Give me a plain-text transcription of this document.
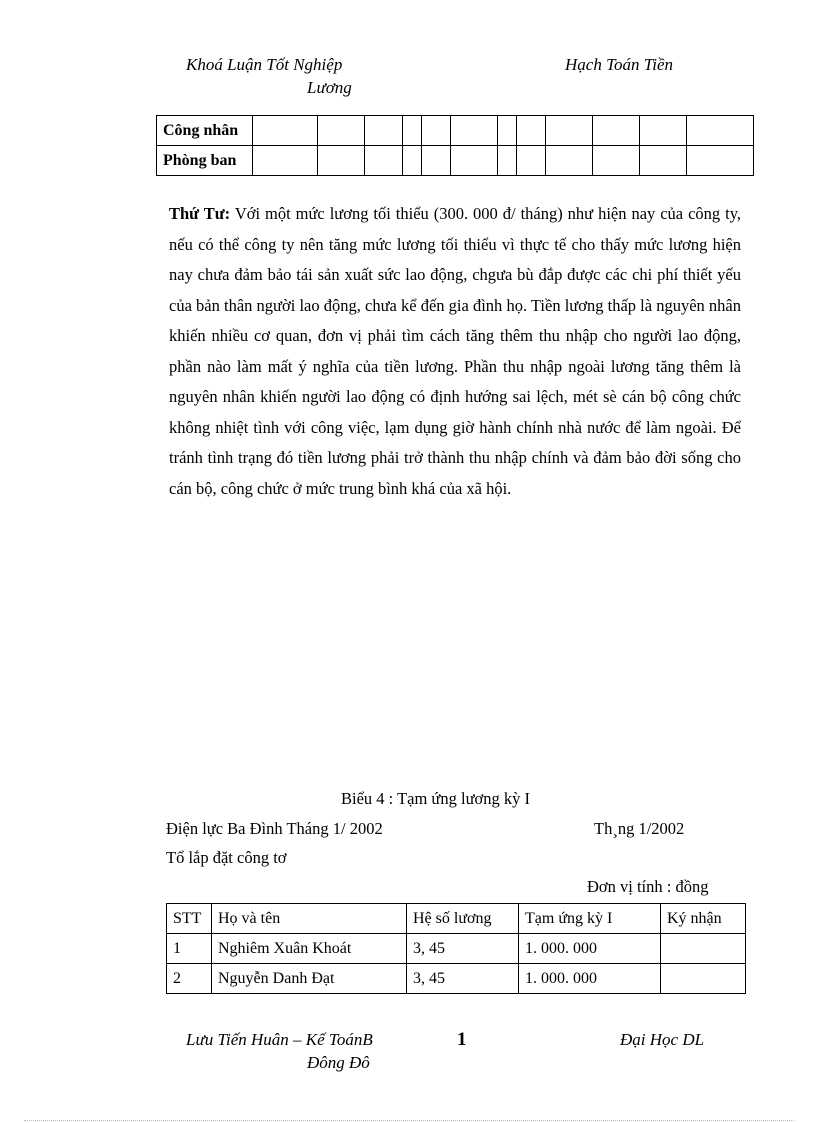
Khoá Luận Tốt Nghiệp
Lương
Hạch Toán Tiền
Công nhân												
Phòng ban												
Thứ Tư: Với một mức lương tối thiểu (300. 000 đ/ tháng) như hiện nay của công ty, nếu có thể công ty nên tăng mức lương tối thiểu vì thực tế cho thấy mức lương hiện nay chưa đảm bảo tái sản xuất sức lao động, chgưa bù đắp được các chi phí thiết yếu của bản thân người lao động, chưa kể đến gia đình họ. Tiền lương thấp là nguyên nhân khiến nhiều cơ quan, đơn vị phải tìm cách tăng thêm thu nhập cho người lao động, phần nào làm mất ý nghĩa của tiền lương. Phần thu nhập ngoài lương tăng thêm là nguyên nhân khiến người lao động có định hướng sai lệch, mét sè cán bộ công chức không nhiệt tình với công việc, lạm dụng giờ hành chính nhà nước để làm ngoài. Để tránh tình trạng đó tiền lương phải trở thành thu nhập chính và đảm bảo đời sống cho cán bộ, công chức ở mức trung bình khá của xã hội.
Biểu 4 : Tạm ứng lương kỳ I
Điện lực Ba Đình Tháng 1/ 2002	Th¸ng 1/2002
Tổ lắp đặt công tơ
Đơn vị tính : đồng
STT	Họ và tên	Hệ số lương	Tạm ứng kỳ I	Ký nhận
1	Nghiêm Xuân Khoát	3, 45	1. 000. 000	
2	Nguyễn Danh Đạt	3, 45	1. 000. 000	
Lưu Tiến Huân – Kế ToánB
Đông Đô
1	Đại Học DL
